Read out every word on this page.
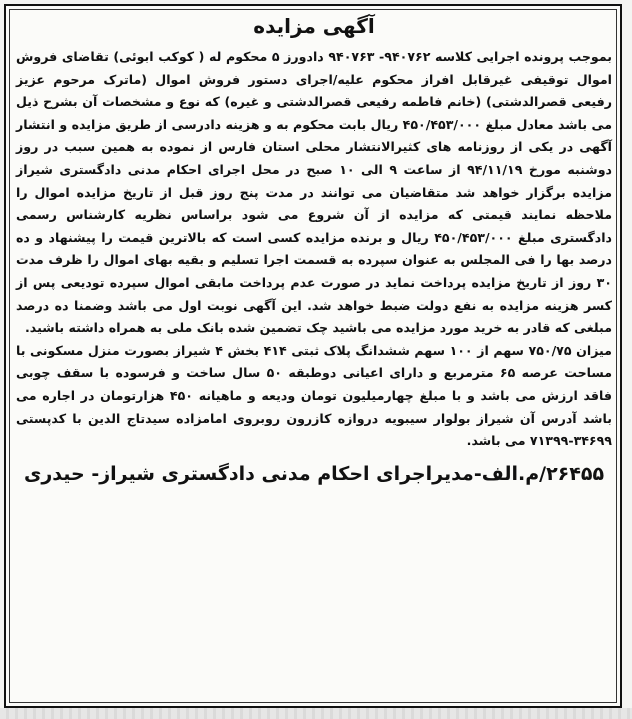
آگهی مزایده

بموجب پرونده اجرایی کلاسه ۹۴۰۷۶۲- ۹۴۰۷۶۳ دادورز ۵ محکوم له ( کوکب ابوئی) تقاضای فروش اموال توقیفی غیرقابل افراز محکوم علیه/اجرای دستور فروش اموال (ماترک مرحوم عزیز رفیعی قصرالدشتی) (خانم فاطمه رفیعی قصرالدشتی و غیره) که نوع و مشخصات آن بشرح ذیل می باشد معادل مبلغ ۴۵۰/۴۵۳/۰۰۰ ریال بابت محکوم به و هزینه دادرسی از طریق مزایده و انتشار آگهی در یکی از روزنامه های کثیرالانتشار محلی استان فارس از نموده به همین سبب در روز دوشنبه مورخ ۹۴/۱۱/۱۹ از ساعت ۹ الی ۱۰ صبح در محل اجرای احکام مدنی دادگستری شیراز مزایده برگزار خواهد شد متقاضیان می توانند در مدت پنج روز قبل از تاریخ مزایده اموال را ملاحظه نمایند قیمتی که مزایده از آن شروع می شود براساس نظریه کارشناس رسمی دادگستری مبلغ ۴۵۰/۴۵۳/۰۰۰ ریال و برنده مزایده کسی است که بالاترین قیمت را پیشنهاد و ده درصد بها را فی المجلس به عنوان سپرده به قسمت اجرا تسلیم و بقیه بهای اموال را ظرف مدت ۳۰ روز از تاریخ مزایده پرداخت نماید در صورت عدم پرداخت مابقی اموال سپرده تودیعی پس از کسر هزینه مزایده به نفع دولت ضبط خواهد شد. این آگهی نوبت اول می باشد وضمنا ده درصد مبلغی که قادر به خرید مورد مزایده می باشید چک تضمین شده بانک ملی به همراه داشته باشید.

میزان ۷۵۰/۷۵ سهم از ۱۰۰ سهم ششدانگ پلاک ثبتی ۴۱۴ بخش ۴ شیراز بصورت منزل مسکونی با مساحت عرصه ۶۵ مترمربع و دارای اعیانی دوطبقه ۵۰ سال ساخت و فرسوده با سقف چوبی فاقد ارزش می باشد و با مبلغ چهارمیلیون تومان ودیعه و ماهیانه ۴۵۰ هزارتومان در اجاره می باشد آدرس آن شیراز بولوار سیبویه دروازه کازرون روبروی امامزاده سیدتاج الدین با کدپستی ۳۴۶۹۹-۷۱۳۹۹ می باشد.

۲۶۴۵۵/م.الف-مدیراجرای احکام مدنی دادگستری شیراز- حیدری
